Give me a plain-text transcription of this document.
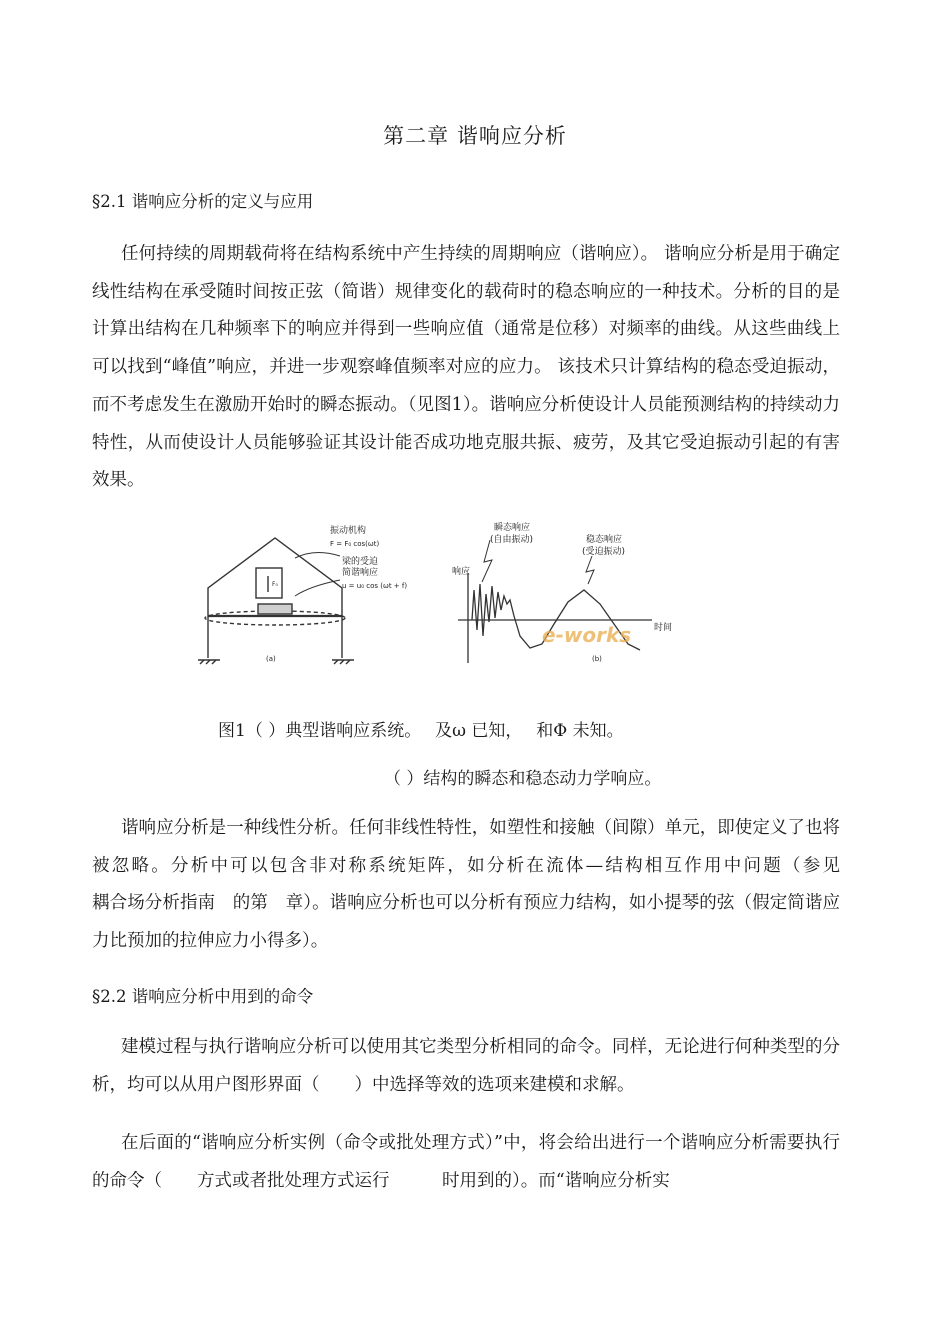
第二章 谐响应分析
§2.1 谐响应分析的定义与应用

任何持续的周期载荷将在结构系统中产生持续的周期响应（谐响应）。 谐响应分析是用于确定线性结构在承受随时间按正弦（简谐）规律变化的载荷时的稳态响应的一种技术。分析的目的是计算出结构在几种频率下的响应并得到一些响应值（通常是位移）对频率的曲线。从这些曲线上可以找到“峰值”响应，并进一步观察峰值频率对应的应力。 该技术只计算结构的稳态受迫振动，而不考虑发生在激励开始时的瞬态振动。（见图1）。谐响应分析使设计人员能预测结构的持续动力特性，从而使设计人员能够验证其设计能否成功地克服共振、疲劳，及其它受迫振动引起的有害效果。

振动机构
F = F₀ cos(ωt)
梁的受迫
简谐响应
u = u₀ cos (ωt + f)
F₀
(a)
瞬态响应
(自由振动)	稳态响应
(受迫振动)
响应
时间
e-works
(b)
图1（ ）典型谐响应系统。　 及ω 已知，　 和Φ 未知。
（ ）结构的瞬态和稳态动力学响应。

谐响应分析是一种线性分析。任何非线性特性，如塑性和接触（间隙）单元，即使定义了也将被忽略。分析中可以包含非对称系统矩阵，如分析在流体—结构相互作用中问题（参见　　　　耦合场分析指南　的第　章）。谐响应分析也可以分析有预应力结构，如小提琴的弦（假定简谐应力比预加的拉伸应力小得多）。

§2.2 谐响应分析中用到的命令

建模过程与执行谐响应分析可以使用其它类型分析相同的命令。同样，无论进行何种类型的分析，均可以从用户图形界面（　　）中选择等效的选项来建模和求解。

在后面的“谐响应分析实例（命令或批处理方式）”中，将会给出进行一个谐响应分析需要执行的命令（　　方式或者批处理方式运行　　　时用到的）。而“谐响应分析实
